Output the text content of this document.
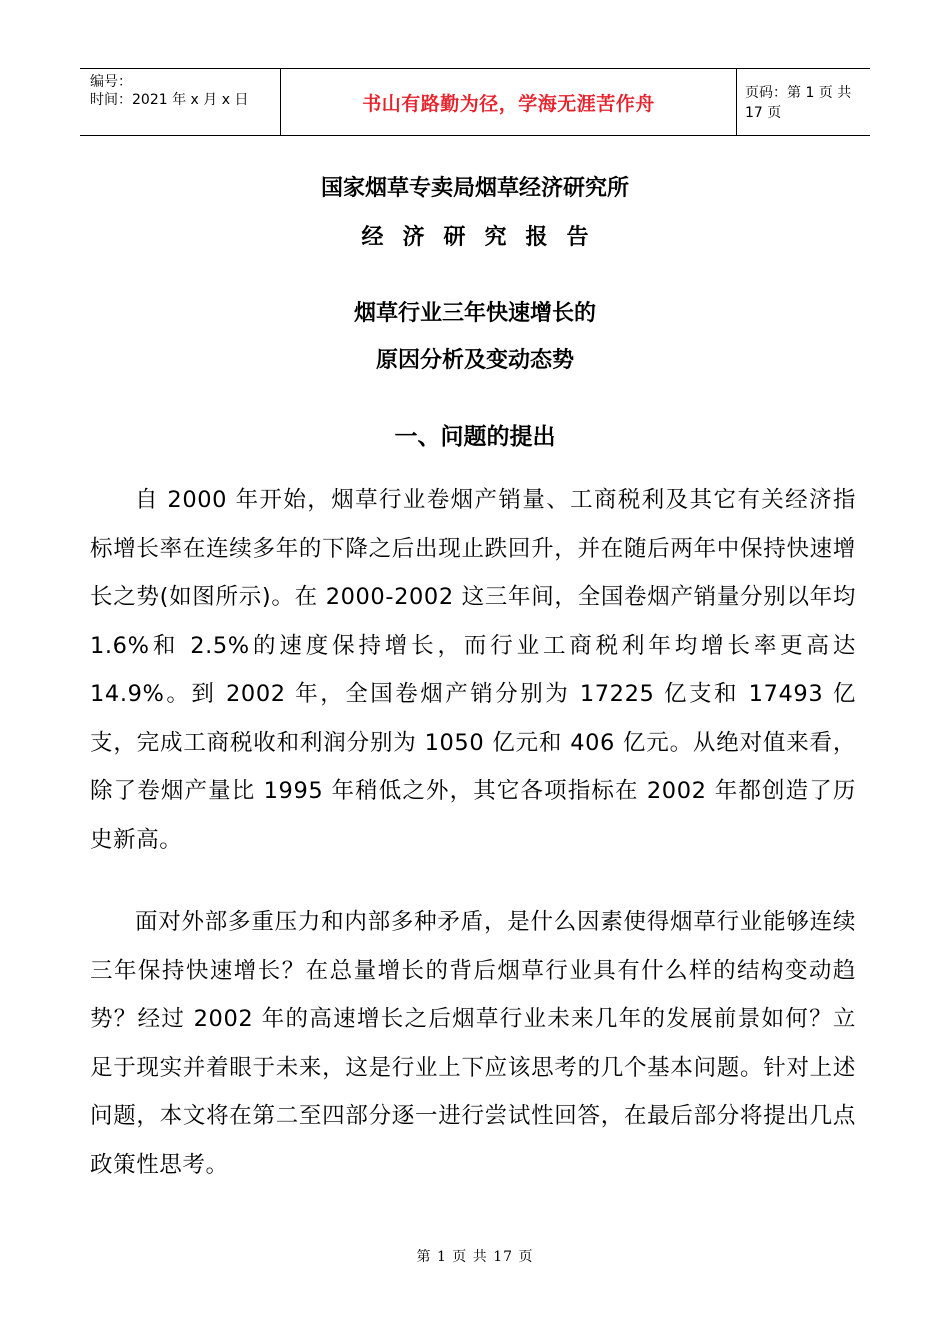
编号：
时间：2021 年 x 月 x 日	书山有路勤为径，学海无涯苦作舟	页码：第 1 页 共 17 页
国家烟草专卖局烟草经济研究所
经济研究报告
烟草行业三年快速增长的
原因分析及变动态势
一、问题的提出
自 2000 年开始，烟草行业卷烟产销量、工商税利及其它有关经济指标增长率在连续多年的下降之后出现止跌回升，并在随后两年中保持快速增长之势(如图所示)。在 2000-2002 这三年间，全国卷烟产销量分别以年均 1.6%和 2.5%的速度保持增长，而行业工商税利年均增长率更高达 14.9%。到 2002 年，全国卷烟产销分别为 17225 亿支和 17493 亿支，完成工商税收和利润分别为 1050 亿元和 406 亿元。从绝对值来看，除了卷烟产量比 1995 年稍低之外，其它各项指标在 2002 年都创造了历史新高。
面对外部多重压力和内部多种矛盾，是什么因素使得烟草行业能够连续三年保持快速增长？在总量增长的背后烟草行业具有什么样的结构变动趋势？经过 2002 年的高速增长之后烟草行业未来几年的发展前景如何？立足于现实并着眼于未来，这是行业上下应该思考的几个基本问题。针对上述问题，本文将在第二至四部分逐一进行尝试性回答，在最后部分将提出几点政策性思考。
第 1 页 共 17 页
